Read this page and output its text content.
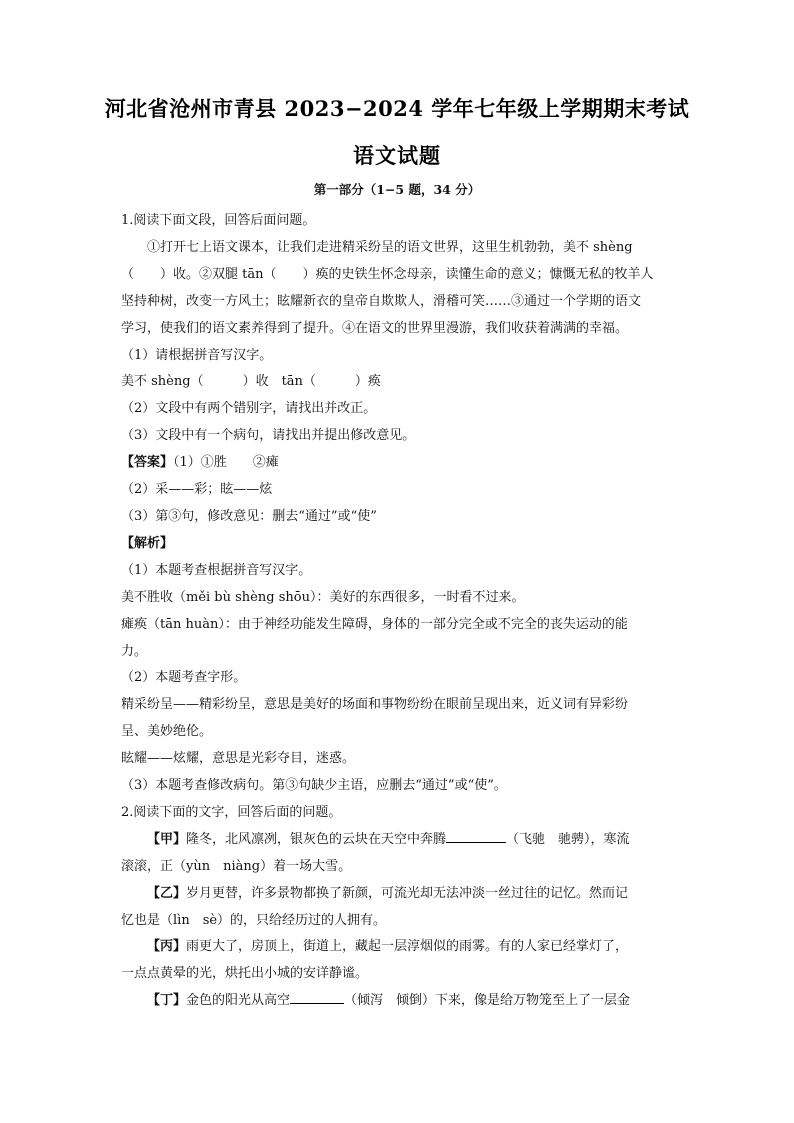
河北省沧州市青县 2023−2024 学年七年级上学期期末考试
语文试题
第一部分（1−5 题，34 分）

1.阅读下面文段，回答后面问题。

①打开七上语文课本，让我们走进精采纷呈的语文世界，这里生机勃勃，美不 shèng

（　　）收。②双腿 tān（　　）痪的史铁生怀念母亲，读懂生命的意义；慷慨无私的牧羊人

坚持种树，改变一方风土；眩耀新衣的皇帝自欺欺人，滑稽可笑……③通过一个学期的语文

学习，使我们的语文素养得到了提升。④在语文的世界里漫游，我们收获着满满的幸福。

（1）请根据拼音写汉字。

美不 shèng（　　　）收　tān（　　　）痪

（2）文段中有两个错别字，请找出并改正。

（3）文段中有一个病句，请找出并提出修改意见。

【答案】（1）①胜　　②瘫

（2）采——彩；眩——炫

（3）第③句，修改意见：删去“通过”或“使”

【解析】

（1）本题考查根据拼音写汉字。

美不胜收（měi bù shèng shōu）：美好的东西很多，一时看不过来。

瘫痪（tān huàn）：由于神经功能发生障碍，身体的一部分完全或不完全的丧失运动的能

力。

（2）本题考查字形。

精采纷呈——精彩纷呈，意思是美好的场面和事物纷纷在眼前呈现出来，近义词有异彩纷

呈、美妙绝伦。

眩耀——炫耀，意思是光彩夺目，迷惑。

（3）本题考查修改病句。第③句缺少主语，应删去“通过”或“使”。

2.阅读下面的文字，回答后面的问题。

【甲】隆冬，北风凛冽，银灰色的云块在天空中奔腾	（飞驰　驰骋），寒流

滚滚，正（yùn　niàng）着一场大雪。

【乙】岁月更替，许多景物都换了新颜，可流光却无法冲淡一丝过往的记忆。然而记

忆也是（lìn　sè）的，只给经历过的人拥有。

【丙】雨更大了，房顶上，街道上，藏起一层淳烟似的雨雾。有的人家已经掌灯了，

一点点黄晕的光，烘托出小城的安详静谧。

【丁】金色的阳光从高空	（倾泻　倾倒）下来，像是给万物笼至上了一层金
